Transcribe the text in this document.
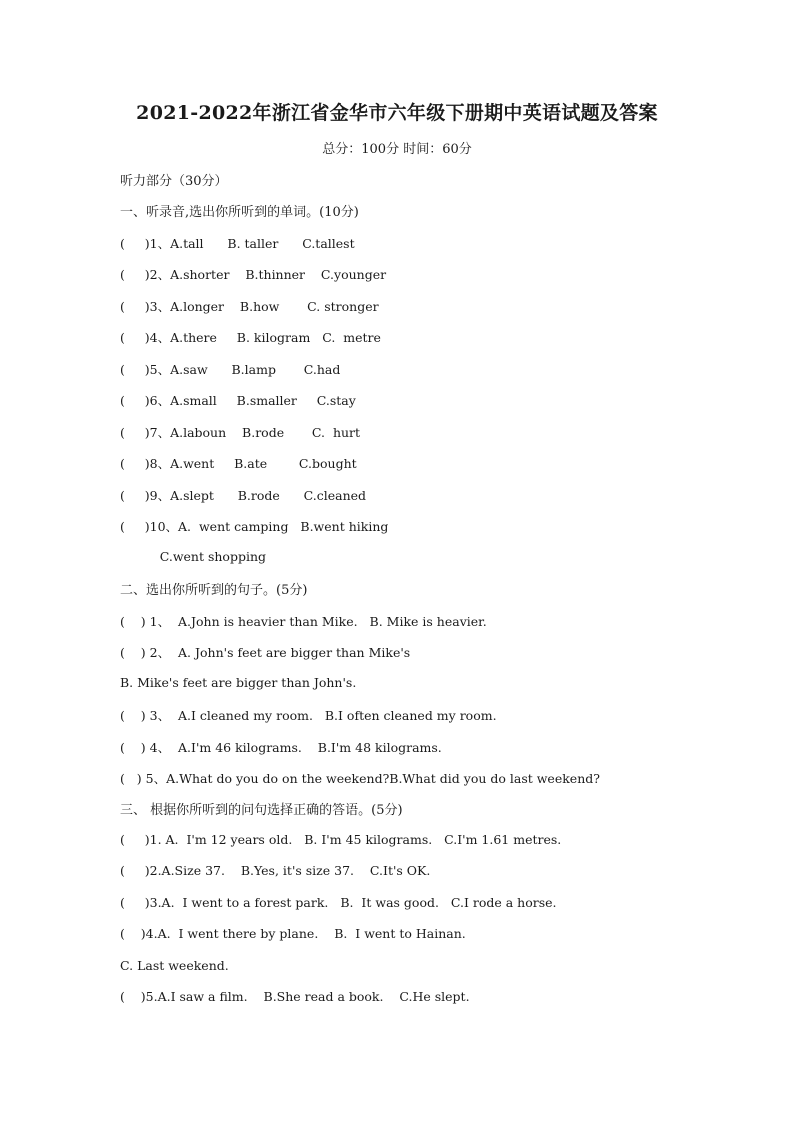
2021-2022年浙江省金华市六年级下册期中英语试题及答案
总分：100分 时间：60分
听力部分（30分）
一、听录音,选出你所听到的单词。(10分)
(     )1、A.tall      B. taller      C.tallest
(     )2、A.shorter    B.thinner    C.younger
(     )3、A.longer    B.how       C. stronger
(     )4、A.there     B. kilogram   C.  metre
(     )5、A.saw      B.lamp       C.had
(     )6、A.small     B.smaller     C.stay
(     )7、A.laboun    B.rode       C.  hurt
(     )8、A.went     B.ate        C.bought
(     )9、A.slept      B.rode      C.cleaned
(     )10、A.  went camping   B.went hiking
C.went shopping
二、选出你所听到的句子。(5分)
(    ) 1、  A.John is heavier than Mike.   B. Mike is heavier.
(    ) 2、  A. John's feet are bigger than Mike's
B. Mike's feet are bigger than John's.
(    ) 3、  A.I cleaned my room.   B.I often cleaned my room.
(    ) 4、  A.I'm 46 kilograms.    B.I'm 48 kilograms.
(   ) 5、A.What do you do on the weekend?B.What did you do last weekend?
三、 根据你所听到的问句选择正确的答语。(5分)
(     )1. A.  I'm 12 years old.   B. I'm 45 kilograms.   C.I'm 1.61 metres.
(     )2.A.Size 37.    B.Yes, it's size 37.    C.It's OK.
(     )3.A.  I went to a forest park.   B.  It was good.   C.I rode a horse.
(    )4.A.  I went there by plane.    B.  I went to Hainan.
C. Last weekend.
(    )5.A.I saw a film.    B.She read a book.    C.He slept.
